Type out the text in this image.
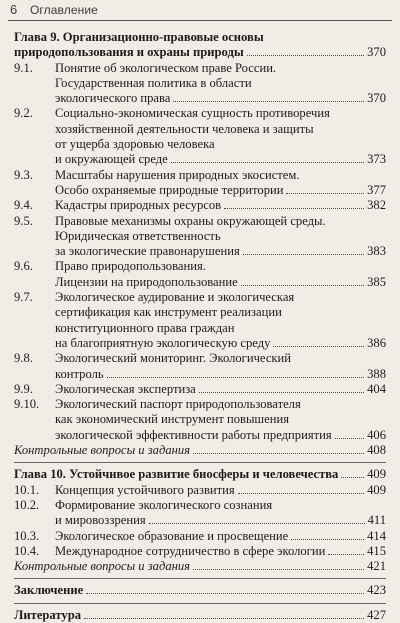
6 Оглавление
Глава 9. Организационно-правовые основы
природопользования и охраны природы	370
9.1. Понятие об экологическом праве России.
Государственная политика в области
экологического права	370
9.2. Социально-экономическая сущность противоречия
хозяйственной деятельности человека и защиты
от ущерба здоровью человека
и окружающей среде	373
9.3. Масштабы нарушения природных экосистем.
Особо охраняемые природные территории	377
9.4. Кадастры природных ресурсов	382
9.5. Правовые механизмы охраны окружающей среды.
Юридическая ответственность
за экологические правонарушения	383
9.6. Право природопользования.
Лицензии на природопользование	385
9.7. Экологическое аудирование и экологическая
сертификация как инструмент реализации
конституционного права граждан
на благоприятную экологическую среду	386
9.8. Экологический мониторинг. Экологический
контроль	388
9.9. Экологическая экспертиза	404
9.10. Экологический паспорт природопользователя
как экономический инструмент повышения
экологической эффективности работы предприятия	406
Контрольные вопросы и задания	408
Глава 10. Устойчивое развитие биосферы и человечества 409
10.1. Концепция устойчивого развития	409
10.2. Формирование экологического сознания
и мировоззрения	411
10.3. Экологическое образование и просвещение	414
10.4. Международное сотрудничество в сфере экологии	415
Контрольные вопросы и задания	421
Заключение	423
Литература	427
